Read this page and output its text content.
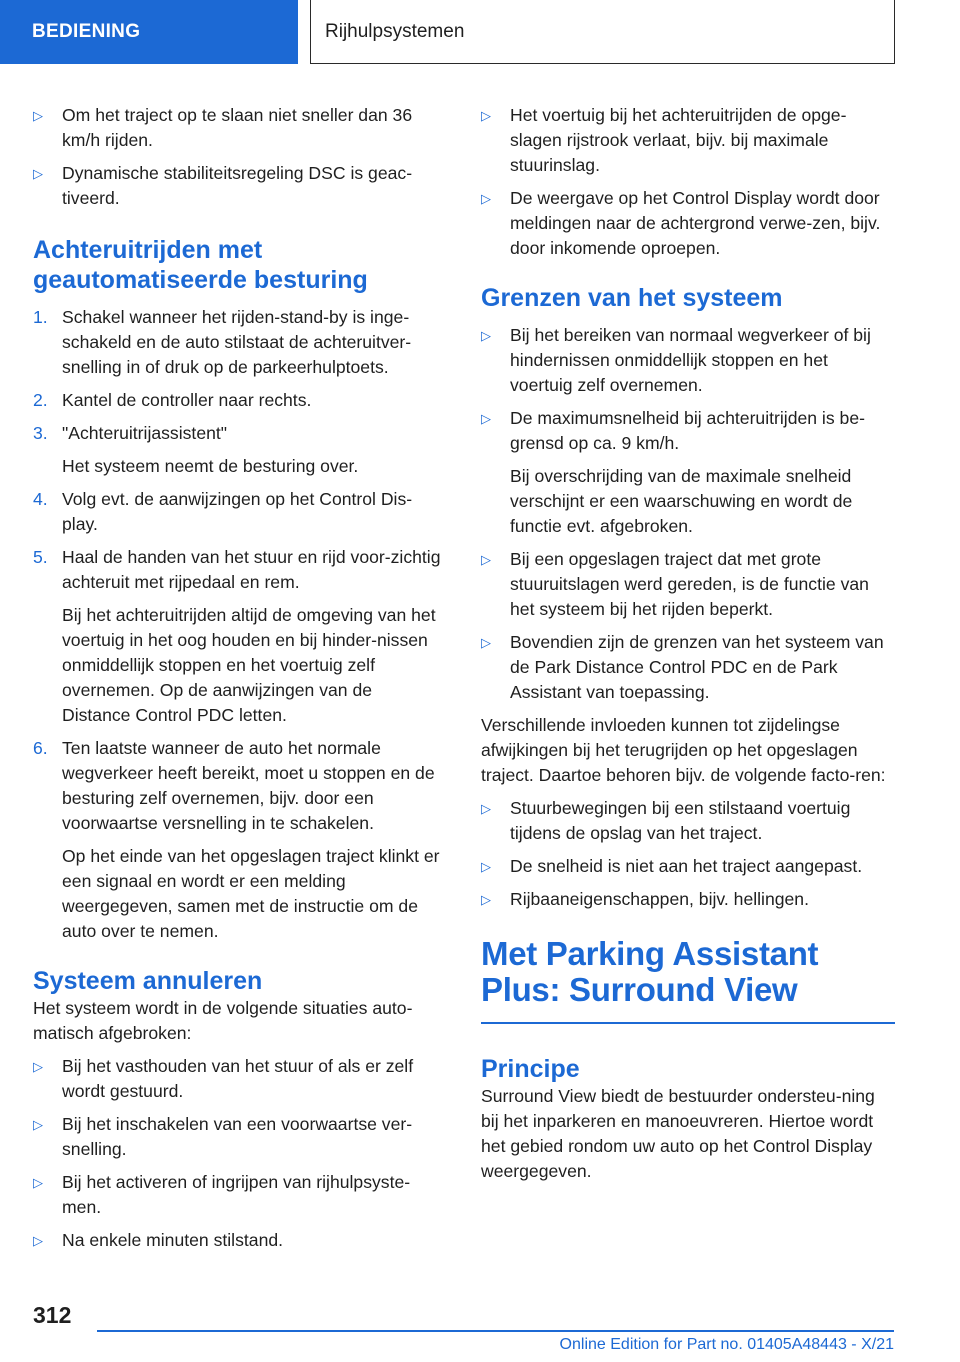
BEDIENING	Rijhulpsystemen
▷	Om het traject op te slaan niet sneller dan 36 km/h rijden.
▷	Dynamische stabiliteitsregeling DSC is geac‐tiveerd.
Achteruitrijden met geautomatiseerde besturing
1. Schakel wanneer het rijden-stand-by is inge‐schakeld en de auto stilstaat de achteruitver‐snelling in of druk op de parkeerhulptoets.
2. Kantel de controller naar rechts.
3. "Achteruitrijassistent"
Het systeem neemt de besturing over.
4. Volg evt. de aanwijzingen op het Control Dis‐play.
5. Haal de handen van het stuur en rijd voor‐zichtig achteruit met rijpedaal en rem.
Bij het achteruitrijden altijd de omgeving van het voertuig in het oog houden en bij hinder‐nissen onmiddellijk stoppen en het voertuig zelf overnemen. Op de aanwijzingen van de Distance Control PDC letten.
6. Ten laatste wanneer de auto het normale wegverkeer heeft bereikt, moet u stoppen en de besturing zelf overnemen, bijv. door een voorwaartse versnelling in te schakelen.
Op het einde van het opgeslagen traject klinkt er een signaal en wordt er een melding weergegeven, samen met de instructie om de auto over te nemen.
Systeem annuleren
Het systeem wordt in de volgende situaties auto‐matisch afgebroken:
▷	Bij het vasthouden van het stuur of als er zelf wordt gestuurd.
▷	Bij het inschakelen van een voorwaartse ver‐snelling.
▷	Bij het activeren of ingrijpen van rijhulpsyste‐men.
▷	Na enkele minuten stilstand.
▷	Het voertuig bij het achteruitrijden de opge‐slagen rijstrook verlaat, bijv. bij maximale stuurinslag.
▷	De weergave op het Control Display wordt door meldingen naar de achtergrond verwe‐zen, bijv. door inkomende oproepen.
Grenzen van het systeem
▷	Bij het bereiken van normaal wegverkeer of bij hindernissen onmiddellijk stoppen en het voertuig zelf overnemen.
▷	De maximumsnelheid bij achteruitrijden is be‐grensd op ca. 9 km/h.
Bij overschrijding van de maximale snelheid verschijnt er een waarschuwing en wordt de functie evt. afgebroken.
▷	Bij een opgeslagen traject dat met grote stuuruitslagen werd gereden, is de functie van het systeem bij het rijden beperkt.
▷	Bovendien zijn de grenzen van het systeem van de Park Distance Control PDC en de Park Assistant van toepassing.
Verschillende invloeden kunnen tot zijdelingse afwijkingen bij het terugrijden op het opgeslagen traject. Daartoe behoren bijv. de volgende facto‐ren:
▷	Stuurbewegingen bij een stilstaand voertuig tijdens de opslag van het traject.
▷	De snelheid is niet aan het traject aangepast.
▷	Rijbaaneigenschappen, bijv. hellingen.
Met Parking Assistant Plus: Surround View
Principe
Surround View biedt de bestuurder ondersteu‐ning bij het inparkeren en manoeuvreren. Hiertoe wordt het gebied rondom uw auto op het Control Display weergegeven.
312
Online Edition for Part no. 01405A48443 - X/21
